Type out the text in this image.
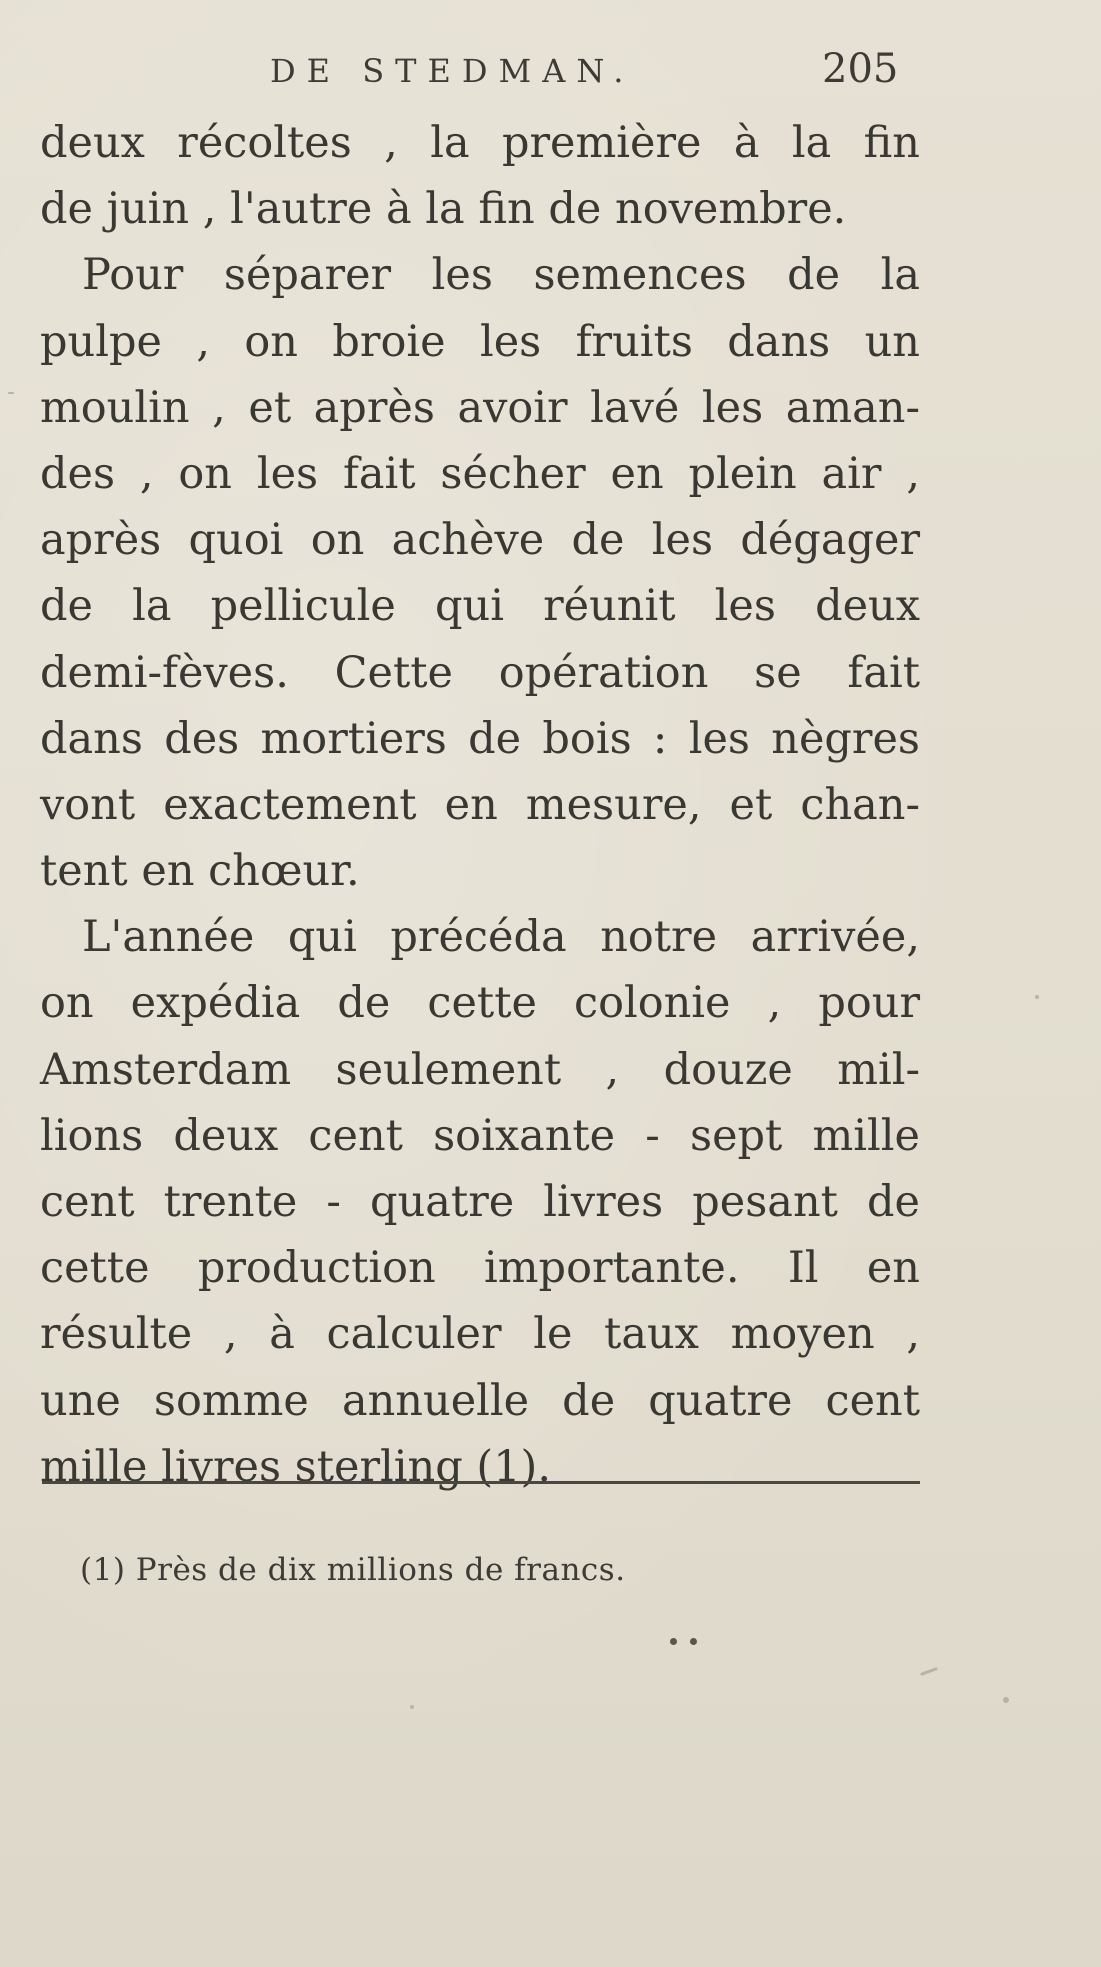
DE STEDMAN.	205
deux récoltes , la première à la fin
de juin , l'autre à la fin de novembre.
Pour séparer les semences de la
pulpe , on broie les fruits dans un
moulin , et après avoir lavé les aman-
des , on les fait sécher en plein air ,
après quoi on achève de les dégager
de la pellicule qui réunit les deux
demi-fèves. Cette opération se fait
dans des mortiers de bois : les nègres
vont exactement en mesure, et chan-
tent en chœur.
L'année qui précéda notre arrivée,
on expédia de cette colonie , pour
Amsterdam seulement , douze mil-
lions deux cent soixante - sept mille
cent trente - quatre livres pesant de
cette production importante. Il en
résulte , à calculer le taux moyen ,
une somme annuelle de quatre cent
mille livres sterling (1).
(1) Près de dix millions de francs.
